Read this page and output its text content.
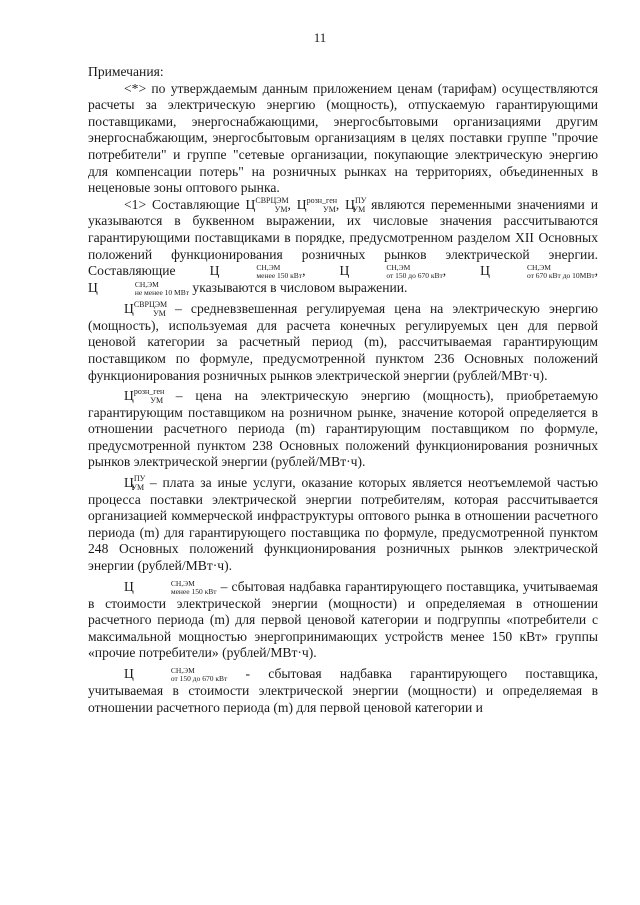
11

Примечания:

<*> по утверждаемым данным приложением ценам (тарифам) осуществляются расчеты за электрическую энергию (мощность), отпускаемую гарантирующими поставщиками, энергоснабжающими, энергосбытовыми организациями другим энергоснабжающим, энергосбытовым организациям в целях поставки группе "прочие потребители" и группе "сетевые организации, покупающие электрическую энергию для компенсации потерь" на розничных рынках на территориях, объединенных в неценовые зоны оптового рынка.

<1> Составляющие $Ц^{СВРЦЭМ}_{УМ}$, $Ц^{розн\_ген}_{УМ}$, $Ц^{ПУ}_{УМ}$ являются переменными значениями и указываются в буквенном выражении, их числовые значения рассчитываются гарантирующими поставщиками в порядке, предусмотренном разделом XII Основных положений функционирования розничных рынков электрической энергии. Составляющие	Ц	СН,ЭМ
менее 150 кВт , Ц	СН,ЭМ
от 150 до 670 кВт , Ц	СН,ЭМ
от 670 кВт до 10МВт , Ц	СН,ЭМ
не менее 10 МВт указываются в числовом выражении.

$Ц^{СВРЦЭМ}_{УМ}$ – средневзвешенная регулируемая цена на электрическую энергию (мощность), используемая для расчета конечных регулируемых цен для первой ценовой категории за расчетный период (m), рассчитываемая гарантирующим поставщиком по формуле, предусмотренной пунктом 236 Основных положений функционирования розничных рынков электрической энергии (рублей/МВт·ч).

$Ц^{розн\_ген}_{УМ}$ – цена на электрическую энергию (мощность), приобретаемую гарантирующим поставщиком на розничном рынке, значение которой определяется в отношении расчетного периода (m) гарантирующим поставщиком по формуле, предусмотренной пунктом 238 Основных положений функционирования розничных рынков электрической энергии (рублей/МВт·ч).

$Ц^{ПУ}_{УМ}$ – плата за иные услуги, оказание которых является неотъемлемой частью процесса поставки электрической энергии потребителям, которая рассчитывается организацией коммерческой инфраструктуры оптового рынка в отношении расчетного периода (m) для гарантирующего поставщика по формуле, предусмотренной пунктом 248 Основных положений функционирования розничных рынков электрической энергии (рублей/МВт·ч).

Ц	СН,ЭМ
менее 150 кВт – сбытовая надбавка гарантирующего поставщика, учитываемая в стоимости электрической энергии (мощности) и определяемая в отношении расчетного периода (m) для первой ценовой категории и подгруппы «потребители с максимальной мощностью энергопринимающих устройств менее 150 кВт» группы «прочие потребители» (рублей/МВт·ч).

Ц	СН,ЭМ
от 150 до 670 кВт - сбытовая надбавка гарантирующего поставщика, учитываемая в стоимости электрической энергии (мощности) и определяемая в отношении расчетного периода (m) для первой ценовой категории и
